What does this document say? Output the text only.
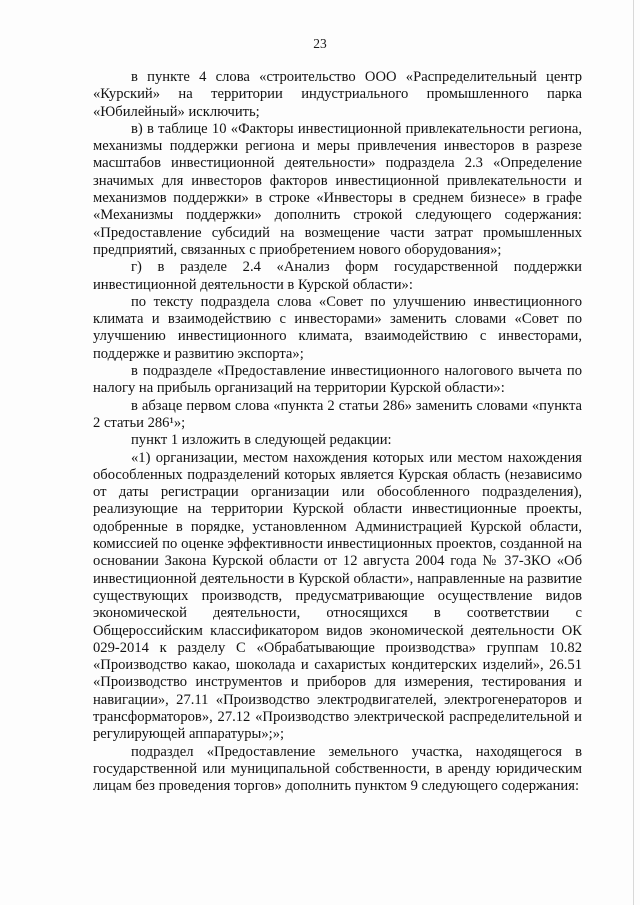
23

в пункте 4 слова «строительство ООО «Распределительный центр «Курский» на территории индустриального промышленного парка «Юбилейный» исключить;

в) в таблице 10 «Факторы инвестиционной привлекательности региона, механизмы поддержки региона и меры привлечения инвесторов в разрезе масштабов инвестиционной деятельности» подраздела 2.3 «Определение значимых для инвесторов факторов инвестиционной привлекательности и механизмов поддержки» в строке «Инвесторы в среднем бизнесе» в графе «Механизмы поддержки» дополнить строкой следующего содержания: «Предоставление субсидий на возмещение части затрат промышленных предприятий, связанных с приобретением нового оборудования»;

г) в разделе 2.4 «Анализ форм государственной поддержки инвестиционной деятельности в Курской области»:

по тексту подраздела слова «Совет по улучшению инвестиционного климата и взаимодействию с инвесторами» заменить словами «Совет по улучшению инвестиционного климата, взаимодействию с инвесторами, поддержке и развитию экспорта»;

в подразделе «Предоставление инвестиционного налогового вычета по налогу на прибыль организаций на территории Курской области»:

в абзаце первом слова «пункта 2 статьи 286» заменить словами «пункта 2 статьи 286¹»;

пункт 1 изложить в следующей редакции:

«1) организации, местом нахождения которых или местом нахождения обособленных подразделений которых является Курская область (независимо от даты регистрации организации или обособленного подразделения), реализующие на территории Курской области инвестиционные проекты, одобренные в порядке, установленном Администрацией Курской области, комиссией по оценке эффективности инвестиционных проектов, созданной на основании Закона Курской области от 12 августа 2004 года № 37-ЗКО «Об инвестиционной деятельности в Курской области», направленные на развитие существующих производств, предусматривающие осуществление видов экономической деятельности, относящихся в соответствии с Общероссийским классификатором видов экономической деятельности ОК 029-2014 к разделу C «Обрабатывающие производства» группам 10.82 «Производство какао, шоколада и сахаристых кондитерских изделий», 26.51 «Производство инструментов и приборов для измерения, тестирования и навигации», 27.11 «Производство электродвигателей, электрогенераторов и трансформаторов», 27.12 «Производство электрической распределительной и регулирующей аппаратуры»;»;

подраздел «Предоставление земельного участка, находящегося в государственной или муниципальной собственности, в аренду юридическим лицам без проведения торгов» дополнить пунктом 9 следующего содержания:
